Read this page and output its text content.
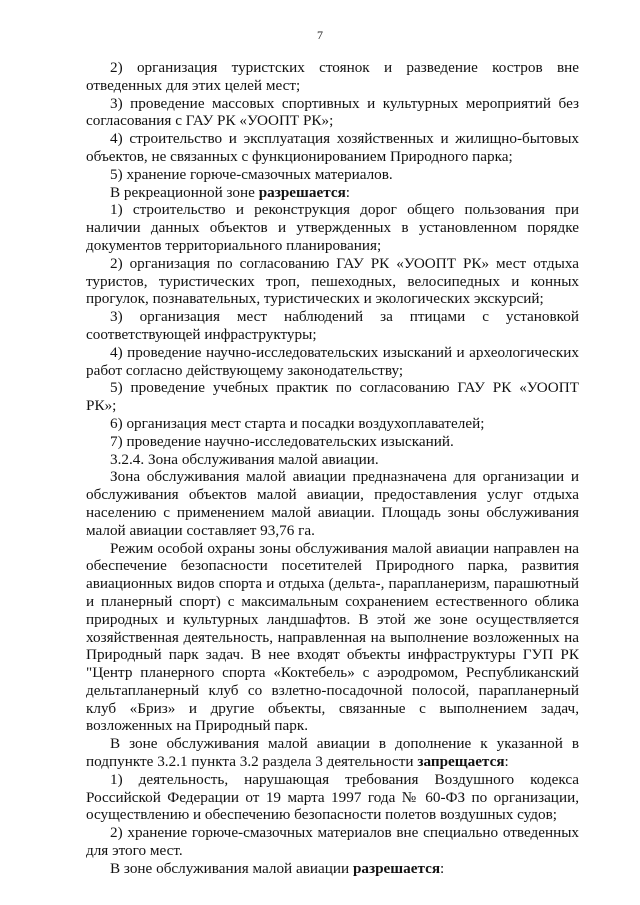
7

2) организация туристских стоянок и разведение костров вне отведенных для этих целей мест;

3) проведение массовых спортивных и культурных мероприятий без согласования с ГАУ РК «УООПТ РК»;

4) строительство и эксплуатация хозяйственных и жилищно-бытовых объектов, не связанных с функционированием Природного парка;

5) хранение горюче-смазочных материалов.

В рекреационной зоне разрешается:

1) строительство и реконструкция дорог общего пользования при наличии данных объектов и утвержденных в установленном порядке документов территориального планирования;

2) организация по согласованию ГАУ РК «УООПТ РК» мест отдыха туристов, туристических троп, пешеходных, велосипедных и конных прогулок, познавательных, туристических и экологических экскурсий;

3) организация мест наблюдений за птицами с установкой соответствующей инфраструктуры;

4) проведение научно-исследовательских изысканий и археологических работ согласно действующему законодательству;

5) проведение учебных практик по согласованию ГАУ РК «УООПТ РК»;

6) организация мест старта и посадки воздухоплавателей;

7) проведение научно-исследовательских изысканий.

3.2.4. Зона обслуживания малой авиации.

Зона обслуживания малой авиации предназначена для организации и обслуживания объектов малой авиации, предоставления услуг отдыха населению с применением малой авиации. Площадь зоны обслуживания малой авиации составляет 93,76 га.

Режим особой охраны зоны обслуживания малой авиации направлен на обеспечение безопасности посетителей Природного парка, развития авиационных видов спорта и отдыха (дельта-, парапланеризм, парашютный и планерный спорт) с максимальным сохранением естественного облика природных и культурных ландшафтов. В этой же зоне осуществляется хозяйственная деятельность, направленная на выполнение возложенных на Природный парк задач. В нее входят объекты инфраструктуры ГУП РК "Центр планерного спорта «Коктебель» с аэродромом, Республиканский дельтапланерный клуб со взлетно-посадочной полосой, парапланерный клуб «Бриз» и другие объекты, связанные с выполнением задач, возложенных на Природный парк.

В зоне обслуживания малой авиации в дополнение к указанной в подпункте 3.2.1 пункта 3.2 раздела 3 деятельности запрещается:

1) деятельность, нарушающая требования Воздушного кодекса Российской Федерации от 19 марта 1997 года № 60-ФЗ по организации, осуществлению и обеспечению безопасности полетов воздушных судов;

2) хранение горюче-смазочных материалов вне специально отведенных для этого мест.

В зоне обслуживания малой авиации разрешается:
